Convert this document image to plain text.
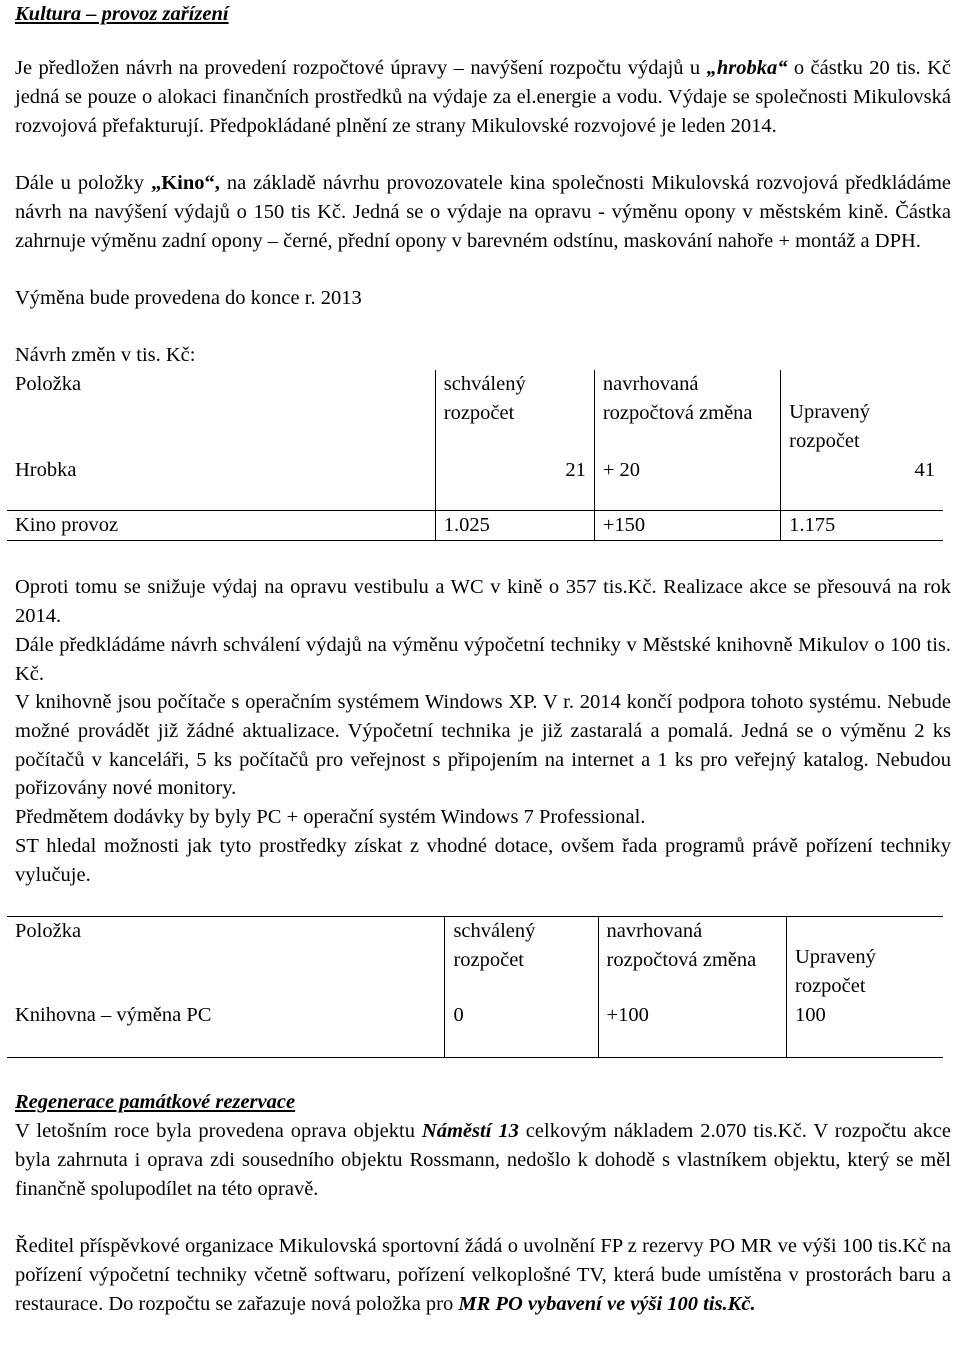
Kultura – provoz zařízení
Je předložen návrh na provedení rozpočtové úpravy – navýšení rozpočtu výdajů u „hrobka“ o částku 20 tis. Kč jedná se pouze o alokaci finančních prostředků na výdaje za el.energie a vodu. Výdaje se společnosti Mikulovská rozvojová přefakturují. Předpokládané plnění ze strany Mikulovské rozvojové je leden 2014.
Dále u položky „Kino“, na základě návrhu provozovatele kina společnosti Mikulovská rozvojová předkládáme návrh na navýšení výdajů o 150 tis Kč. Jedná se o výdaje na opravu - výměnu opony v městském kině. Částka zahrnuje výměnu zadní opony – černé, přední opony v barevném odstínu, maskování nahoře + montáž a DPH.
Výměna bude provedena do konce r. 2013
Návrh změn v tis. Kč:
Položka	schválený rozpočet	navrhovaná rozpočtová změna	Upravený rozpočet
Hrobka	21	+ 20	41
Kino provoz	1.025	+150	1.175
Oproti tomu se snižuje výdaj na opravu vestibulu a WC v kině o 357 tis.Kč. Realizace akce se přesouvá na rok 2014.
Dále předkládáme návrh schválení výdajů na výměnu výpočetní techniky v Městské knihovně Mikulov o 100 tis. Kč.
V knihovně jsou počítače s operačním systémem Windows XP. V r. 2014 končí podpora tohoto systému. Nebude možné provádět již žádné aktualizace. Výpočetní technika je již zastaralá a pomalá. Jedná se o výměnu 2 ks počítačů v kanceláři, 5 ks počítačů pro veřejnost s připojením na internet a 1 ks pro veřejný katalog. Nebudou pořizovány nové monitory.
Předmětem dodávky by byly PC + operační systém Windows 7 Professional.
ST hledal možnosti jak tyto prostředky získat z vhodné dotace, ovšem řada programů právě pořízení techniky vylučuje.
Položka	schválený rozpočet	navrhovaná rozpočtová změna	Upravený rozpočet
Knihovna – výměna PC	0	+100	100
Regenerace památkové rezervace
V letošním roce byla provedena oprava objektu Náměstí 13 celkovým nákladem 2.070 tis.Kč. V rozpočtu akce byla zahrnuta i oprava zdi sousedního objektu Rossmann, nedošlo k dohodě s vlastníkem objektu, který se měl finančně spolupodílet na této opravě.
Ředitel příspěvkové organizace Mikulovská sportovní žádá o uvolnění FP z rezervy PO MR ve výši 100 tis.Kč na pořízení výpočetní techniky včetně softwaru, pořízení velkoplošné TV, která bude umístěna v prostorách baru a restaurace. Do rozpočtu se zařazuje nová položka pro MR PO vybavení ve výši 100 tis.Kč.
